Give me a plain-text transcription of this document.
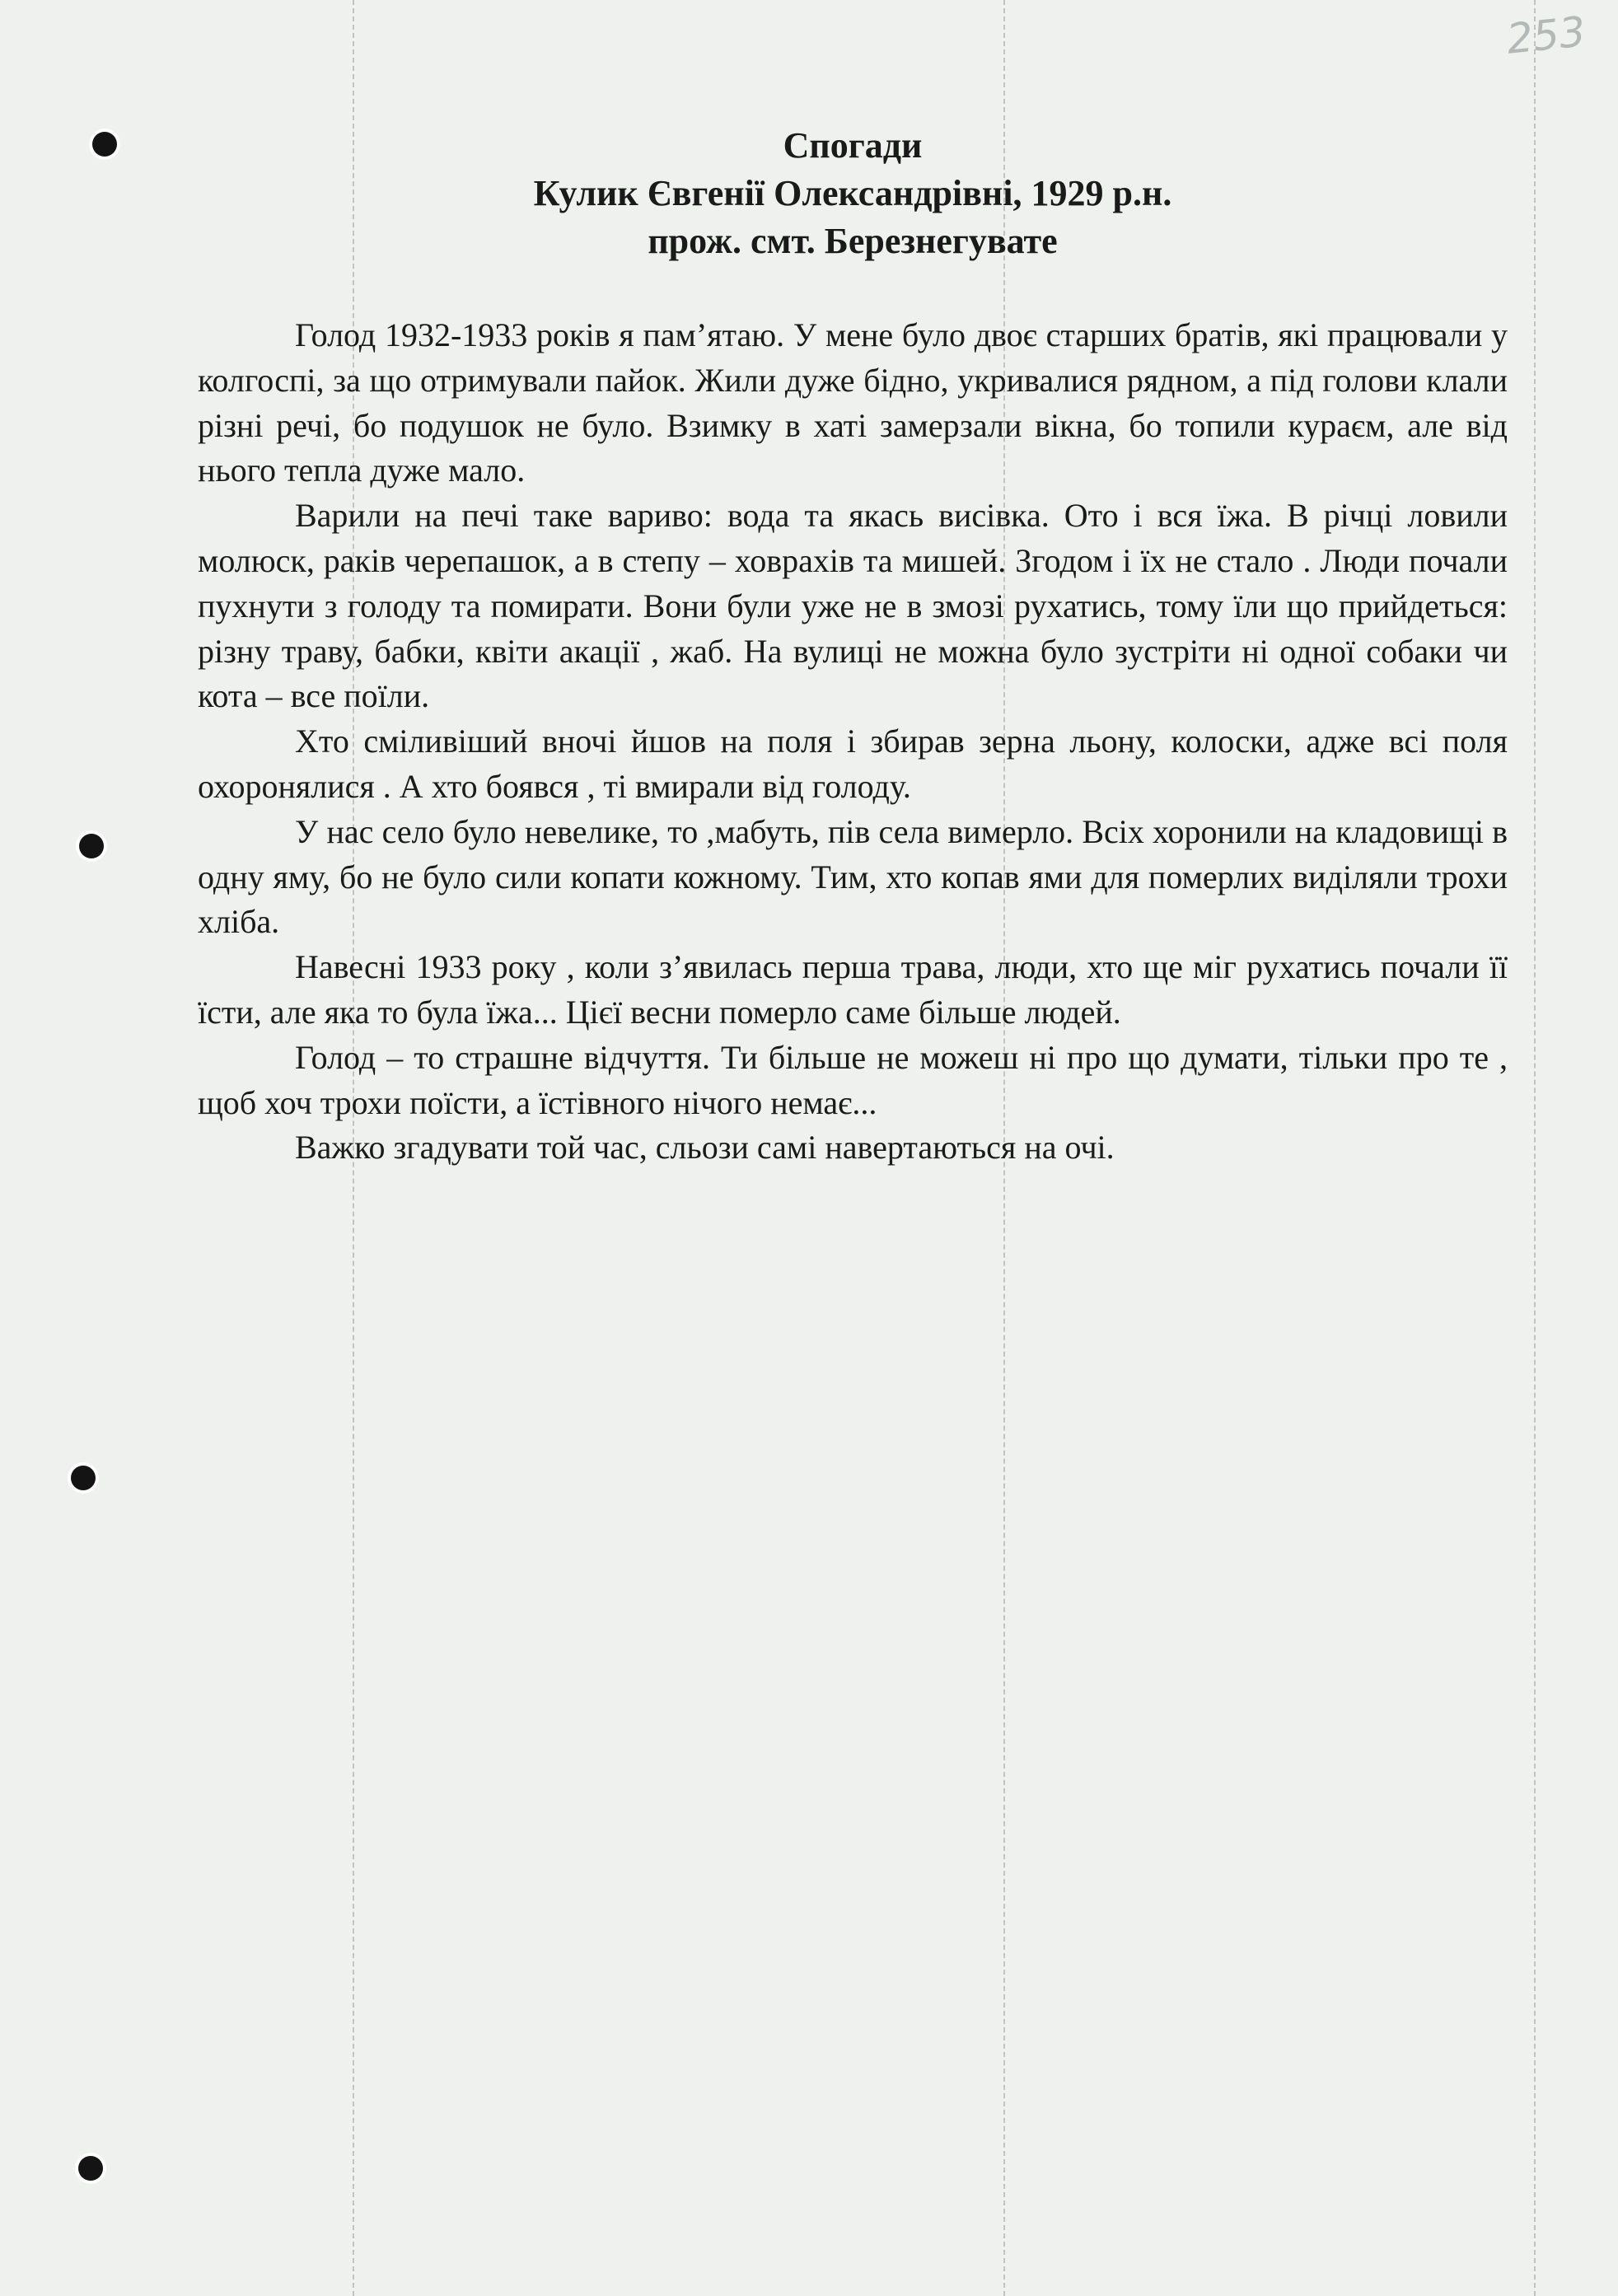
253
Спогади
Кулик Євгенії Олександрівні, 1929 р.н.
прож. смт. Березнегувате

Голод 1932-1933 років я пам’ятаю. У мене було двоє старших братів, які працювали у колгоспі, за що отримували пайок. Жили дуже бідно, укривалися рядном, а під голови клали різні речі, бо подушок не було. Взимку в хаті замерзали вікна, бо топили кураєм, але від нього тепла дуже мало.

Варили на печі таке вариво: вода та якась висівка. Ото і вся їжа. В річці ловили молюск, раків черепашок, а в степу – ховрахів та мишей. Згодом і їх не стало . Люди почали пухнути з голоду та помирати. Вони були уже не в змозі рухатись, тому їли що прийдеться: різну траву, бабки, квіти акації , жаб. На вулиці не можна було зустріти ні одної собаки чи кота – все поїли.

Хто сміливіший вночі йшов на поля і збирав зерна льону, колоски, адже всі поля охоронялися . А хто боявся , ті вмирали від голоду.

У нас село було невелике, то ,мабуть, пів села вимерло. Всіх хоронили на кладовищі в одну яму, бо не було сили копати кожному. Тим, хто копав ями для померлих виділяли трохи хліба.

Навесні 1933 року , коли з’явилась перша трава, люди, хто ще міг рухатись почали її їсти, але яка то була їжа... Цієї весни померло саме більше людей.

Голод – то страшне відчуття. Ти більше не можеш ні про що думати, тільки про те , щоб хоч трохи поїсти, а їстівного нічого немає...

Важко згадувати той час, сльози самі навертаються на очі.
